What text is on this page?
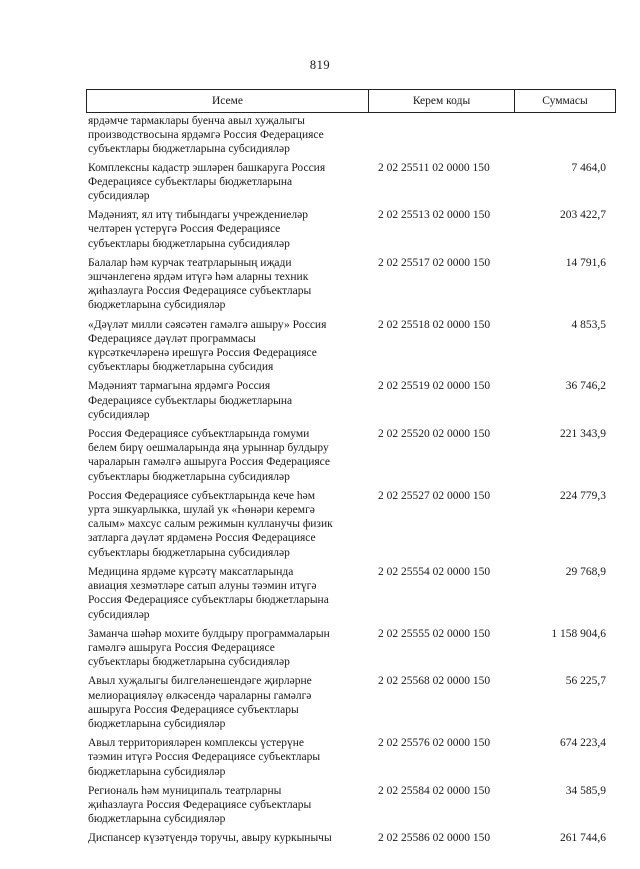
819
Исеме	Керем коды	Суммасы
ярдәмче тармаклары буенча авыл хуҗалыгы
производствосына ярдәмгә Россия Федерациясе
субъектлары бюджетларына субсидияләр
Комплексны кадастр эшләрен башкаруга Россия
Федерациясе субъектлары бюджетларына
субсидияләр
2 02 25511 02 0000 150	7 464,0
Мәдәният, ял итү тибындагы учреждениеләр
челтәрен үстерүгә Россия Федерациясе
субъектлары бюджетларына субсидияләр
2 02 25513 02 0000 150	203 422,7
Балалар һәм курчак театрларының иҗади
эшчәнлегенә ярдәм итүгә һәм аларны техник
җиһазлауга Россия Федерациясе субъектлары
бюджетларына субсидияләр
2 02 25517 02 0000 150	14 791,6
«Дәүләт милли сәясәтен гамәлгә ашыру» Россия
Федерациясе дәүләт программасы
күрсәткечләренә ирешүгә Россия Федерациясе
субъектлары бюджетларына субсидия
2 02 25518 02 0000 150	4 853,5
Мәдәният тармагына ярдәмгә Россия
Федерациясе субъектлары бюджетларына
субсидияләр
2 02 25519 02 0000 150	36 746,2
Россия Федерациясе субъектларында гомуми
белем бирү оешмаларында яңа урыннар булдыру
чараларын гамәлгә ашыруга Россия Федерациясе
субъектлары бюджетларына субсидияләр
2 02 25520 02 0000 150	221 343,9
Россия Федерациясе субъектларында кече һәм
урта эшкуарлыкка, шулай ук «Һөнәри керемгә
салым» махсус салым режимын кулланучы физик
затларга дәүләт ярдәменә Россия Федерациясе
субъектлары бюджетларына субсидияләр
2 02 25527 02 0000 150	224 779,3
Медицина ярдәме күрсәтү максатларында
авиация хезмәтләре сатып алуны тәэмин итүгә
Россия Федерациясе субъектлары бюджетларына
субсидияләр
2 02 25554 02 0000 150	29 768,9
Заманча шәһәр мохите булдыру программаларын
гамәлгә ашыруга Россия Федерациясе
субъектлары бюджетларына субсидияләр
2 02 25555 02 0000 150	1 158 904,6
Авыл хуҗалыгы билгеләнешендәге җирләрне
мелиорацияләү өлкәсендә чараларны гамәлгә
ашыруга Россия Федерациясе субъектлары
бюджетларына субсидияләр
2 02 25568 02 0000 150	56 225,7
Авыл территорияләрен комплексы үстерүне
тәэмин итүгә Россия Федерациясе субъектлары
бюджетларына субсидияләр
2 02 25576 02 0000 150	674 223,4
Региональ һәм муниципаль театрларны
җиһазлауга Россия Федерациясе субъектлары
бюджетларына субсидияләр
2 02 25584 02 0000 150	34 585,9
Диспансер күзәтүендә торучы, авыру куркынычы	2 02 25586 02 0000 150	261 744,6
